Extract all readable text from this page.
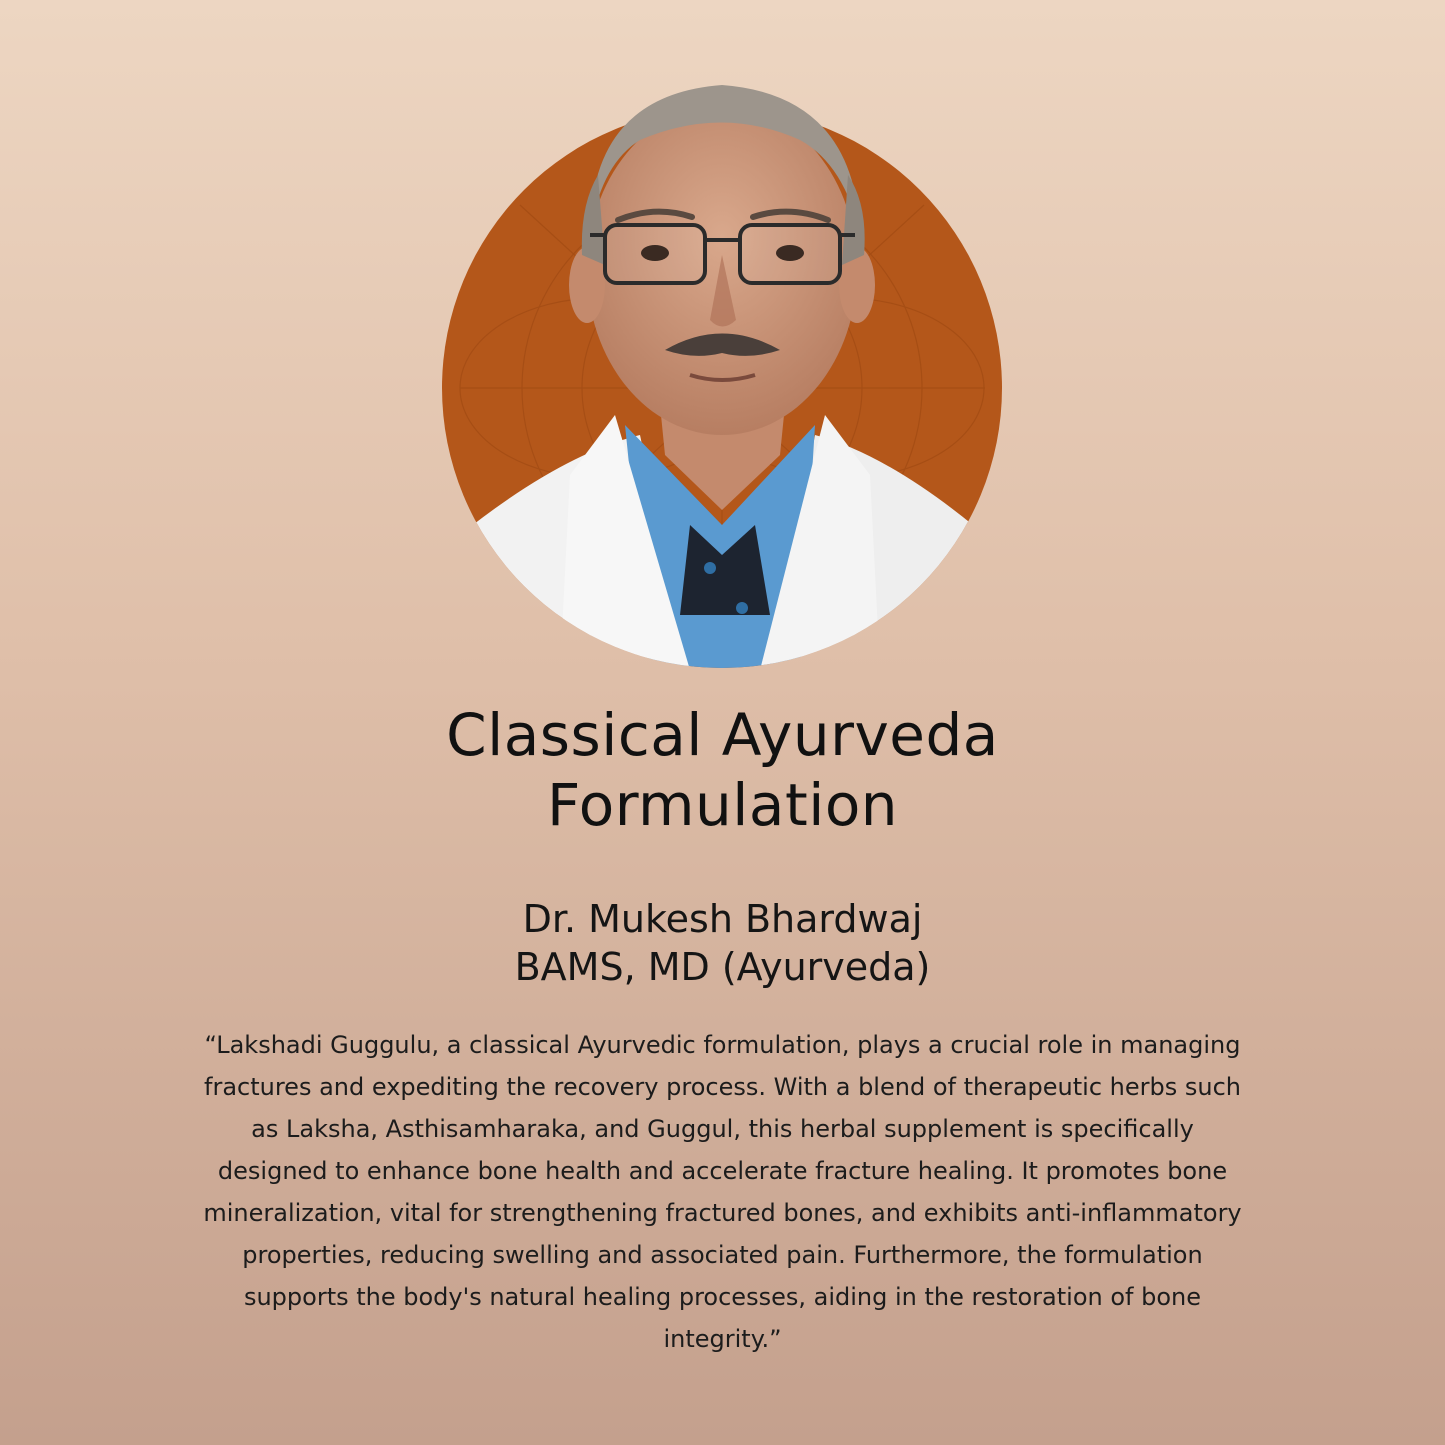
Classical Ayurveda
Formulation
Dr. Mukesh Bhardwaj
BAMS, MD (Ayurveda)

“Lakshadi Guggulu, a classical Ayurvedic formulation, plays a crucial role in managing fractures and expediting the recovery process. With a blend of therapeutic herbs such as Laksha, Asthisamharaka, and Guggul, this herbal supplement is specifically designed to enhance bone health and accelerate fracture healing. It promotes bone mineralization, vital for strengthening fractured bones, and exhibits anti-inflammatory properties, reducing swelling and associated pain. Furthermore, the formulation supports the body's natural healing processes, aiding in the restoration of bone integrity.”
